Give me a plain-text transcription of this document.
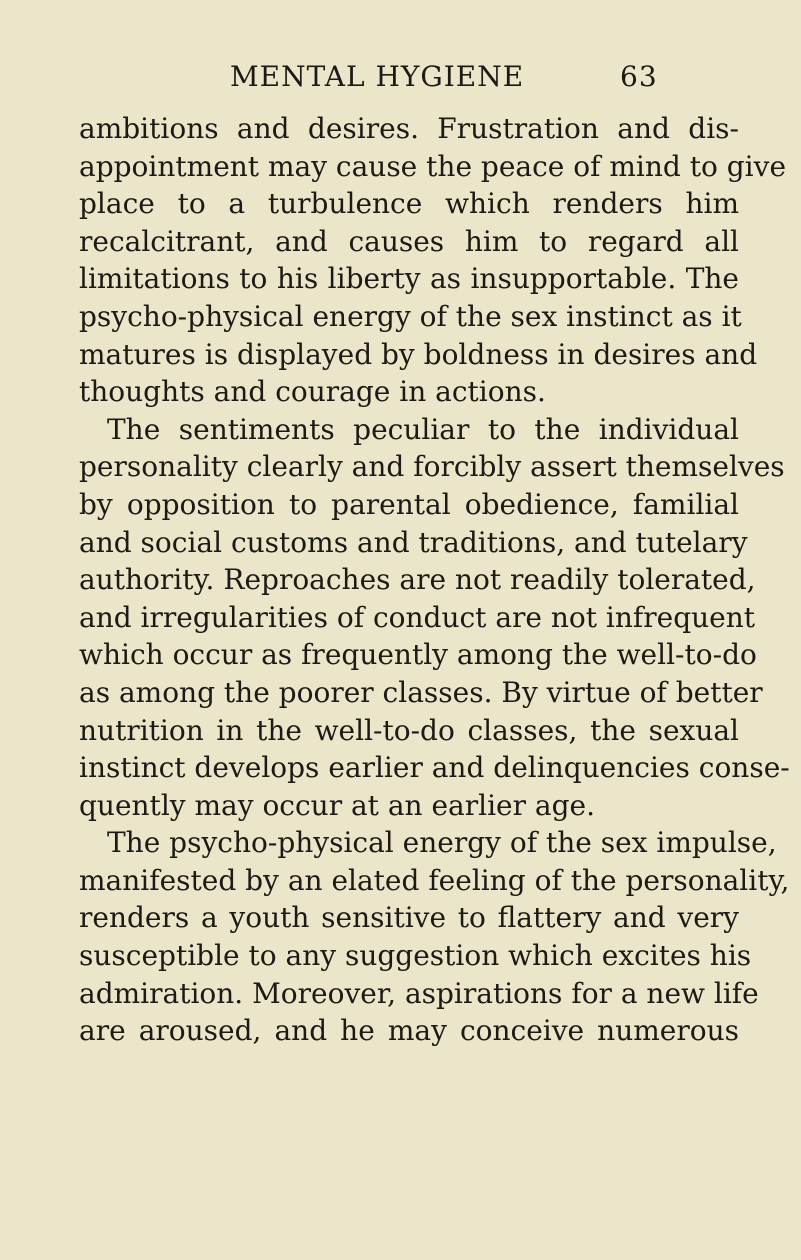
MENTAL HYGIENE	63
ambitions and desires. Frustration and dis-
appointment may cause the peace of mind to give
place to a turbulence which renders him
recalcitrant, and causes him to regard all
limitations to his liberty as insupportable. The
psycho-physical energy of the sex instinct as it
matures is displayed by boldness in desires and
thoughts and courage in actions.
The sentiments peculiar to the individual
personality clearly and forcibly assert themselves
by opposition to parental obedience, familial
and social customs and traditions, and tutelary
authority. Reproaches are not readily tolerated,
and irregularities of conduct are not infrequent
which occur as frequently among the well-to-do
as among the poorer classes. By virtue of better
nutrition in the well-to-do classes, the sexual
instinct develops earlier and delinquencies conse-
quently may occur at an earlier age.
The psycho-physical energy of the sex impulse,
manifested by an elated feeling of the personality,
renders a youth sensitive to flattery and very
susceptible to any suggestion which excites his
admiration. Moreover, aspirations for a new life
are aroused, and he may conceive numerous
